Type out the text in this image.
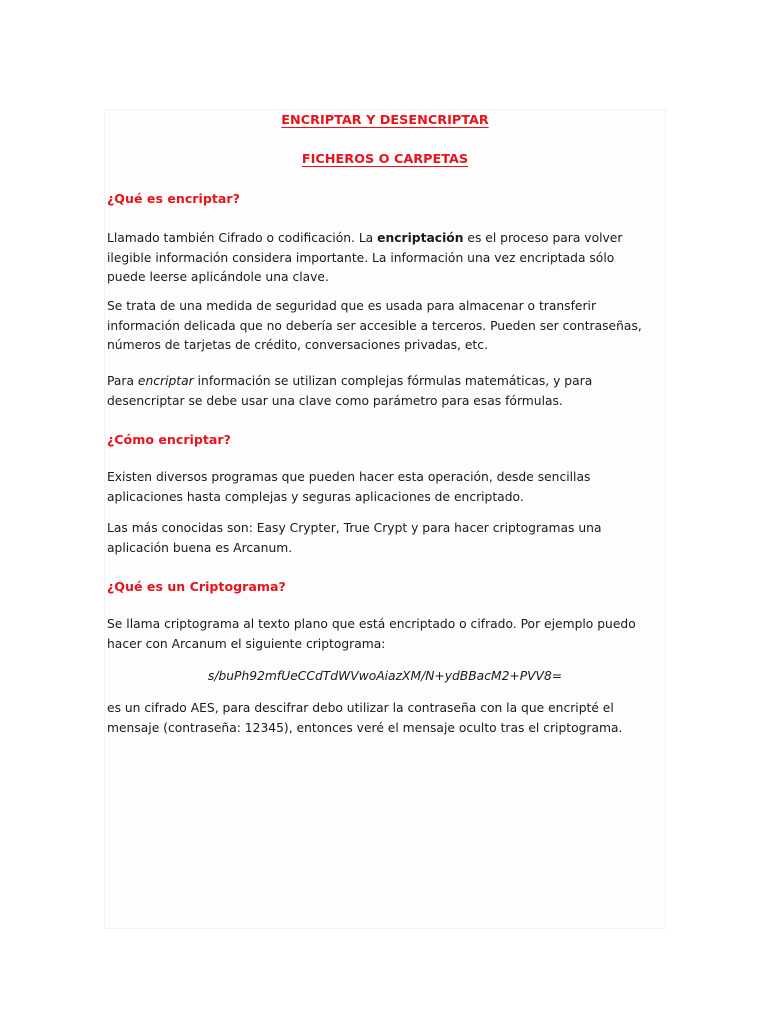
ENCRIPTAR Y DESENCRIPTAR
FICHEROS O CARPETAS
¿Qué es encriptar?
Llamado también Cifrado o codificación. La encriptación es el proceso para volver
ilegible información considera importante. La información una vez encriptada sólo
puede leerse aplicándole una clave.
Se trata de una medida de seguridad que es usada para almacenar o transferir
información delicada que no debería ser accesible a terceros. Pueden ser contraseñas,
números de tarjetas de crédito, conversaciones privadas, etc.
Para encriptar información se utilizan complejas fórmulas matemáticas, y para
desencriptar se debe usar una clave como parámetro para esas fórmulas.
¿Cómo encriptar?
Existen diversos programas que pueden hacer esta operación, desde sencillas
aplicaciones hasta complejas y seguras aplicaciones de encriptado.
Las más conocidas son: Easy Crypter, True Crypt y para hacer criptogramas una
aplicación buena es Arcanum.
¿Qué es un Criptograma?
Se llama criptograma al texto plano que está encriptado o cifrado. Por ejemplo puedo
hacer con Arcanum el siguiente criptograma:
s/buPh92mfUeCCdTdWVwoAiazXM/N+ydBBacM2+PVV8=
es un cifrado AES, para descifrar debo utilizar la contraseña con la que encripté el
mensaje (contraseña: 12345), entonces veré el mensaje oculto tras el criptograma.
